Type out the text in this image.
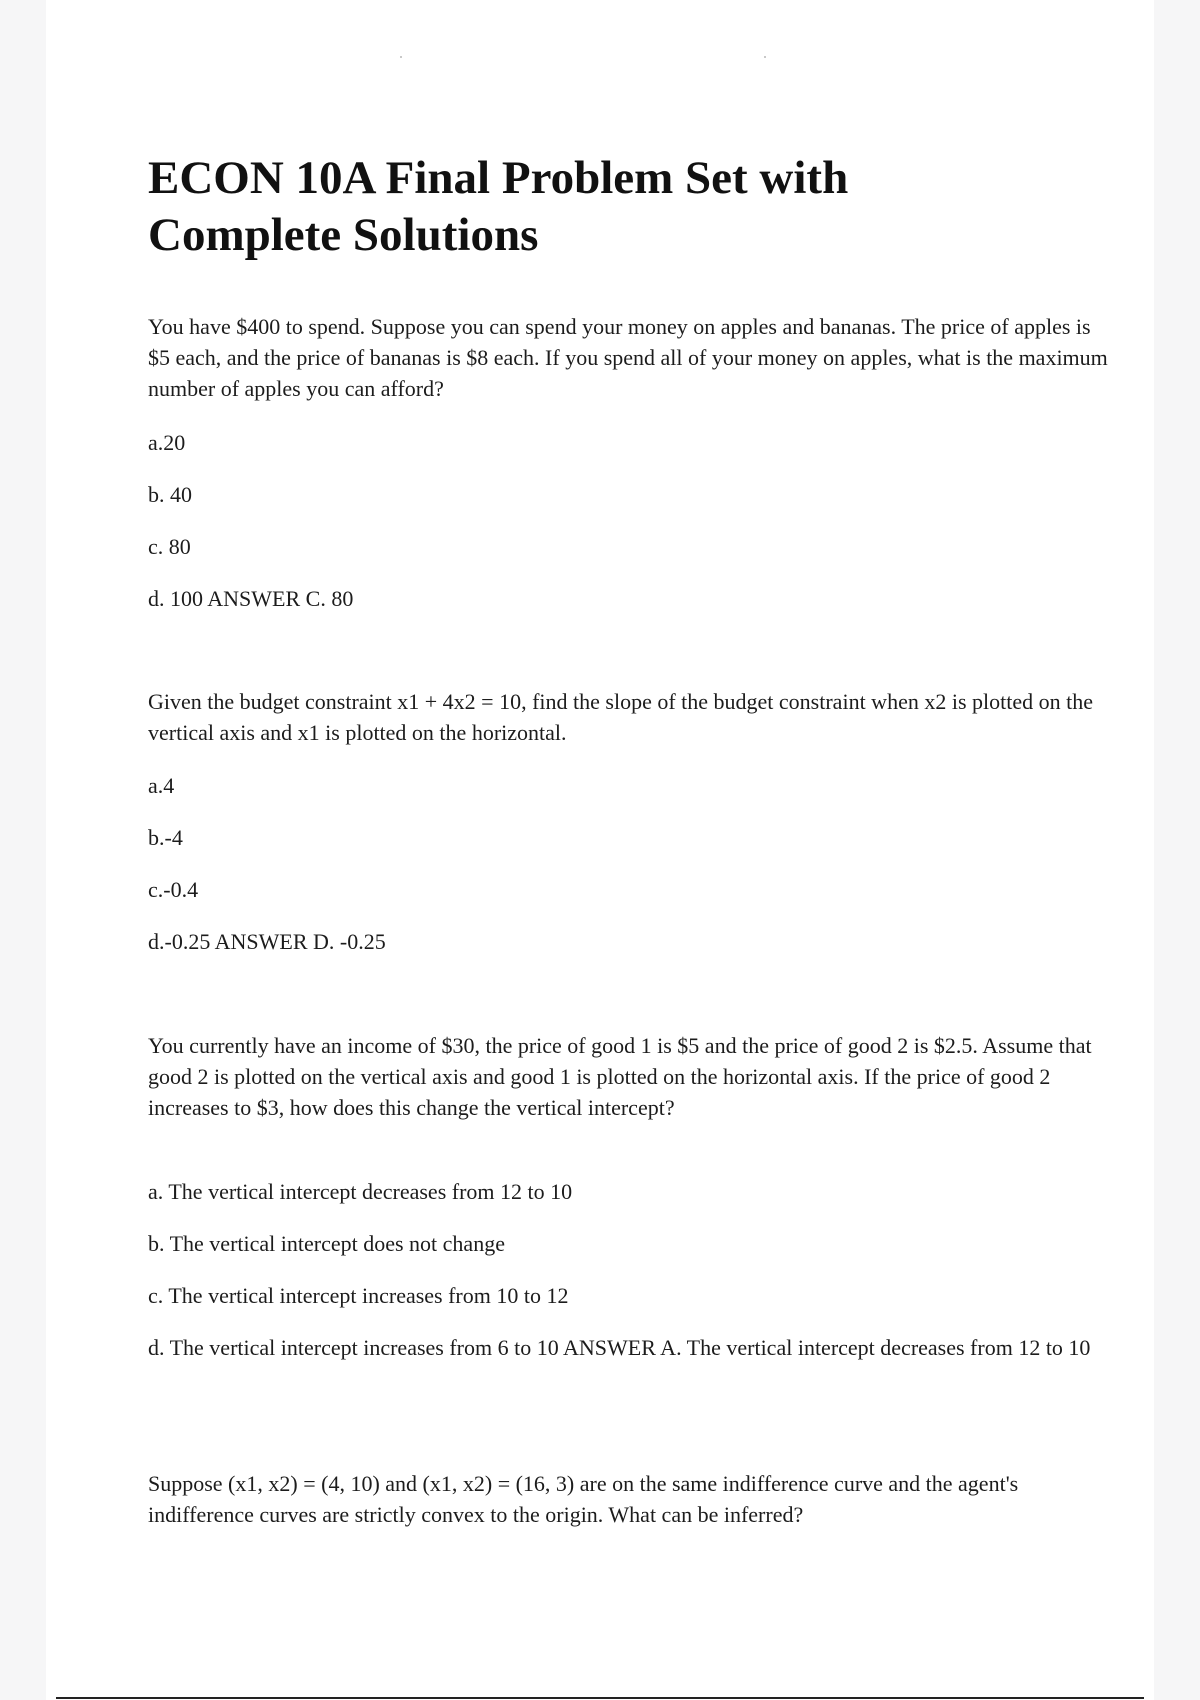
ECON 10A Final Problem Set with Complete Solutions

You have $400 to spend. Suppose you can spend your money on apples and bananas. The price of apples is $5 each, and the price of bananas is $8 each. If you spend all of your money on apples, what is the maximum number of apples you can afford?

a.20

b. 40

c. 80

d. 100 ANSWER C. 80

Given the budget constraint x1 + 4x2 = 10, find the slope of the budget constraint when x2 is plotted on the vertical axis and x1 is plotted on the horizontal.

a.4

b.-4

c.-0.4

d.-0.25 ANSWER D. -0.25

You currently have an income of $30, the price of good 1 is $5 and the price of good 2 is $2.5. Assume that good 2 is plotted on the vertical axis and good 1 is plotted on the horizontal axis. If the price of good 2 increases to $3, how does this change the vertical intercept?

a. The vertical intercept decreases from 12 to 10

b. The vertical intercept does not change

c. The vertical intercept increases from 10 to 12

d. The vertical intercept increases from 6 to 10 ANSWER A. The vertical intercept decreases from 12 to 10

Suppose (x1, x2) = (4, 10) and (x1, x2) = (16, 3) are on the same indifference curve and the agent's indifference curves are strictly convex to the origin. What can be inferred?
